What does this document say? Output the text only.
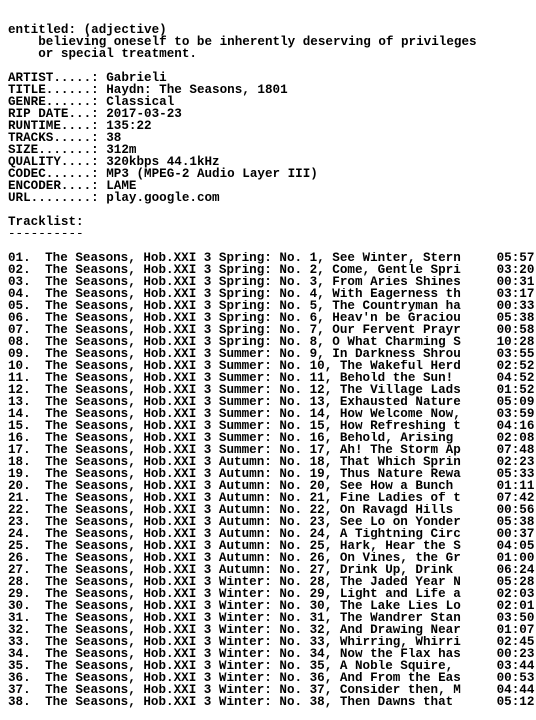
entitled: (adjective)
believing oneself to be inherently deserving of privileges
or special treatment.
ARTIST.....: Gabrieli
TITLE......: Haydn: The Seasons, 1801
GENRE......: Classical
RIP DATE...: 2017-03-23
RUNTIME....: 135:22
TRACKS.....: 38
SIZE.......: 312m
QUALITY....: 320kbps 44.1kHz
CODEC......: MP3 (MPEG-2 Audio Layer III)
ENCODER....: LAME
URL........: play.google.com
Tracklist:
----------
01. The Seasons, Hob.XXI 3 Spring: No. 1, See Winter, Stern	05:57
02. The Seasons, Hob.XXI 3 Spring: No. 2, Come, Gentle Spri	03:20
03. The Seasons, Hob.XXI 3 Spring: No. 3, From Aries Shines	00:31
04. The Seasons, Hob.XXI 3 Spring: No. 4, With Eagerness th	03:17
05. The Seasons, Hob.XXI 3 Spring: No. 5, The Countryman ha	00:33
06. The Seasons, Hob.XXI 3 Spring: No. 6, Heav'n be Graciou	05:38
07. The Seasons, Hob.XXI 3 Spring: No. 7, Our Fervent Prayr	00:58
08. The Seasons, Hob.XXI 3 Spring: No. 8, O What Charming S	10:28
09. The Seasons, Hob.XXI 3 Summer: No. 9, In Darkness Shrou	03:55
10. The Seasons, Hob.XXI 3 Summer: No. 10, The Wakeful Herd	02:52
11. The Seasons, Hob.XXI 3 Summer: No. 11, Behold the Sun!	04:52
12. The Seasons, Hob.XXI 3 Summer: No. 12, The Village Lads	01:52
13. The Seasons, Hob.XXI 3 Summer: No. 13, Exhausted Nature	05:09
14. The Seasons, Hob.XXI 3 Summer: No. 14, How Welcome Now,	03:59
15. The Seasons, Hob.XXI 3 Summer: No. 15, How Refreshing t	04:16
16. The Seasons, Hob.XXI 3 Summer: No. 16, Behold, Arising	02:08
17. The Seasons, Hob.XXI 3 Summer: No. 17, Ah! The Storm Ap	07:48
18. The Seasons, Hob.XXI 3 Autumn: No. 18, That Which Sprin	02:23
19. The Seasons, Hob.XXI 3 Autumn: No. 19, Thus Nature Rewa	05:33
20. The Seasons, Hob.XXI 3 Autumn: No. 20, See How a Bunch	01:11
21. The Seasons, Hob.XXI 3 Autumn: No. 21, Fine Ladies of t	07:42
22. The Seasons, Hob.XXI 3 Autumn: No. 22, On Ravagd Hills	00:56
23. The Seasons, Hob.XXI 3 Autumn: No. 23, See Lo on Yonder	05:38
24. The Seasons, Hob.XXI 3 Autumn: No. 24, A Tightning Circ	00:37
25. The Seasons, Hob.XXI 3 Autumn: No. 25, Hark, Hear the S	04:05
26. The Seasons, Hob.XXI 3 Autumn: No. 26, On Vines, the Gr	01:00
27. The Seasons, Hob.XXI 3 Autumn: No. 27, Drink Up, Drink	06:24
28. The Seasons, Hob.XXI 3 Winter: No. 28, The Jaded Year N	05:28
29. The Seasons, Hob.XXI 3 Winter: No. 29, Light and Life a	02:03
30. The Seasons, Hob.XXI 3 Winter: No. 30, The Lake Lies Lo	02:01
31. The Seasons, Hob.XXI 3 Winter: No. 31, The Wandrer Stan	03:50
32. The Seasons, Hob.XXI 3 Winter: No. 32, And Drawing Near	01:07
33. The Seasons, Hob.XXI 3 Winter: No. 33, Whirring, Whirri	02:45
34. The Seasons, Hob.XXI 3 Winter: No. 34, Now the Flax has	00:23
35. The Seasons, Hob.XXI 3 Winter: No. 35, A Noble Squire,	03:44
36. The Seasons, Hob.XXI 3 Winter: No. 36, And From the Eas	00:53
37. The Seasons, Hob.XXI 3 Winter: No. 37, Consider then, M	04:44
38. The Seasons, Hob.XXI 3 Winter: No. 38, Then Dawns that	05:12
